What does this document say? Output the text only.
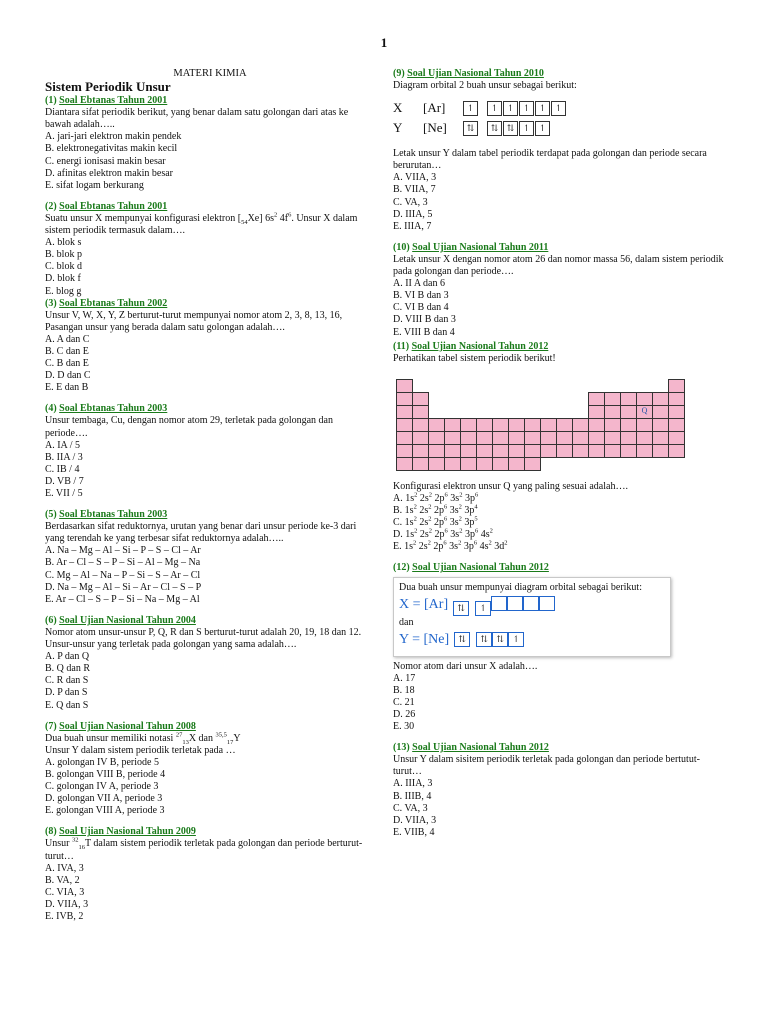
1

MATERI KIMIA

Sistem Periodik Unsur

(1) Soal Ebtanas Tahun 2001

Diantara sifat periodik berikut, yang benar dalam satu golongan dari atas ke bawah adalah…..

A. jari-jari elektron makin pendek
B. elektronegativitas makin kecil
C. energi ionisasi makin besar
D. afinitas elektron makin besar
E. sifat logam berkurang
(2) Soal Ebtanas Tahun 2001

Suatu unsur X mempunyai konfigurasi elektron $[_{54}Xe]$ $6s^2$ $4f^6$. Unsur X dalam sistem periodik termasuk dalam….

A. blok s
B. blok p
C. blok d
D. blok f
E. blog g
(3) Soal Ebtanas Tahun 2002

Unsur V, W, X, Y, Z berturut-turut mempunyai nomor atom 2, 3, 8, 13, 16, Pasangan unsur yang berada dalam satu golongan adalah….

A. A dan C
B. C dan E
C. B dan E
D. D dan C
E. E dan B
(4) Soal Ebtanas Tahun 2003

Unsur tembaga, Cu, dengan nomor atom 29, terletak pada golongan dan periode….

A. IA / 5
B. IIA / 3
C. IB / 4
D. VB / 7
E. VII / 5
(5) Soal Ebtanas Tahun 2003

Berdasarkan sifat reduktornya, urutan yang benar dari unsur periode ke-3 dari yang terendah ke yang terbesar sifat reduktornya adalah…..

A. Na – Mg – Al – Si – P – S – Cl – Ar
B. Ar – Cl – S – P – Si – Al – Mg – Na
C. Mg – Al – Na – P – Si – S – Ar – Cl
D. Na – Mg – Al – Si – Ar – Cl – S – P
E. Ar – Cl – S – P – Si – Na – Mg – Al
(6) Soal Ujian Nasional Tahun 2004

Nomor atom unsur-unsur P, Q, R dan S berturut-turut adalah 20, 19, 18 dan 12. Unsur-unsur yang terletak pada golongan yang sama adalah….

A. P dan Q
B. Q dan R
C. R dan S
D. P dan S
E. Q dan S
(7) Soal Ujian Nasional Tahun 2008

Dua buah unsur memiliki notasi $^{27}_{13}$X dan $^{35,5}_{17}$Y

Unsur Y dalam sistem periodik terletak pada …

A. golongan IV B, periode 5
B. golongan VIII B, periode 4
C. golongan IV A, periode 3
D. golongan VII A, periode 3
E. golongan VIII A, periode 3
(8) Soal Ujian Nasional Tahun 2009

Unsur $^{32}_{16}$T dalam sistem periodik terletak pada golongan dan periode berturut-turut…

A. IVA, 3
B. VA, 2
C. VIA, 3
D. VIIA, 3
E. IVB, 2
(9) Soal Ujian Nasional Tahun 2010

Diagram orbital 2 buah unsur sebagai berikut:

X	[Ar]	↿ ↿ ↿ ↿ ↿ ↿
Y	[Ne]	⇅ ⇅ ⇅ ↿ ↿

Letak unsur Y dalam tabel periodik terdapat pada golongan dan periode secara berurutan…

A. VIIA, 3
B. VIIA, 7
C. VA, 3
D. IIIA, 5
E. IIIA, 7
(10) Soal Ujian Nasional Tahun 2011

Letak unsur X dengan nomor atom 26 dan nomor massa 56, dalam sistem periodik pada golongan dan periode….

A. II A dan 6
B. VI B dan 3
C. VI B dan 4
D. VIII B dan 3
E. VIII B dan 4
(11) Soal Ujian Nasional Tahun 2012

Perhatikan tabel sistem periodik berikut!

Q

Konfigurasi elektron unsur Q yang paling sesuai adalah….

A. $1s^2$ $2s^2$ $2p^6$ $3s^2$ $3p^6$
B. $1s^2$ $2s^2$ $2p^6$ $3s^2$ $3p^4$
C. $1s^2$ $2s^2$ $2p^6$ $3s^2$ $3p^5$
D. $1s^2$ $2s^2$ $2p^6$ $3s^2$ $3p^6$ $4s^2$
E. $1s^2$ $2s^2$ $2p^6$ $3s^2$ $3p^6$ $4s^2$ $3d^2$
(12) Soal Ujian Nasional Tahun 2012
Dua buah unsur mempunyai diagram orbital sebagai berikut:
X = [Ar]	⇅ ↿
dan
Y = [Ne]	⇅ ⇅ ⇅ ↿

Nomor atom dari unsur X adalah….

A. 17
B. 18
C. 21
D. 26
E. 30
(13) Soal Ujian Nasional Tahun 2012

Unsur Y dalam sisitem periodik terletak pada golongan dan periode bertutut-turut…

A. IIIA, 3
B. IIIB, 4
C. VA, 3
D. VIIA, 3
E. VIIB, 4
